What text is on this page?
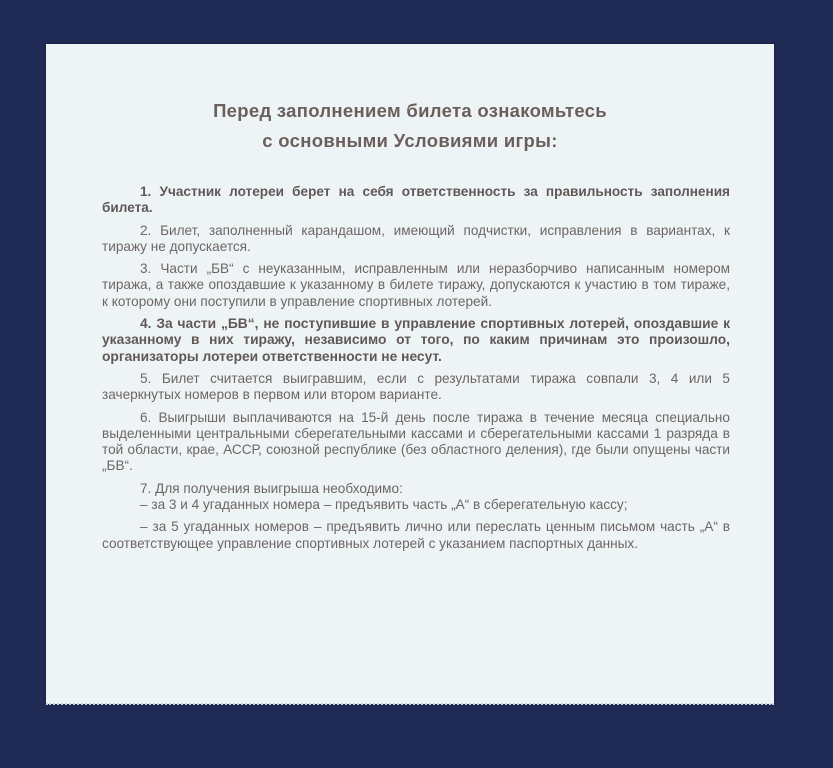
Перед заполнением билета ознакомьтесь
с основными Условиями игры:

1. Участник лотереи берет на себя ответственность за правильность заполнения билета.

2. Билет, заполненный карандашом, имеющий подчистки, исправления в вариантах, к тиражу не допускается.

3. Части „БВ“ с неуказанным, исправленным или неразборчиво написанным номером тиража, а также опоздавшие к указанному в билете тиражу, допускаются к участию в том тираже, к которому они поступили в управление спортивных лотерей.

4. За части „БВ“, не поступившие в управление спортивных лотерей, опоздавшие к указанному в них тиражу, независимо от того, по каким причинам это произошло, организаторы лотереи ответственности не несут.

5. Билет считается выигравшим, если с результатами тиража совпали 3, 4 или 5 зачеркнутых номеров в первом или втором варианте.

6. Выигрыши выплачиваются на 15-й день после тиража в течение месяца специально выделенными центральными сберегательными кассами и сберегательными кассами 1 разряда в той области, крае, АССР, союзной республике (без областного деления), где были опущены части „БВ“.

7. Для получения выигрыша необходимо:

– за 3 и 4 угаданных номера – предъявить часть „А“ в сберегательную кассу;

– за 5 угаданных номеров – предъявить лично или переслать ценным письмом часть „А“ в соответствующее управление спортивных лотерей с указанием паспортных данных.
